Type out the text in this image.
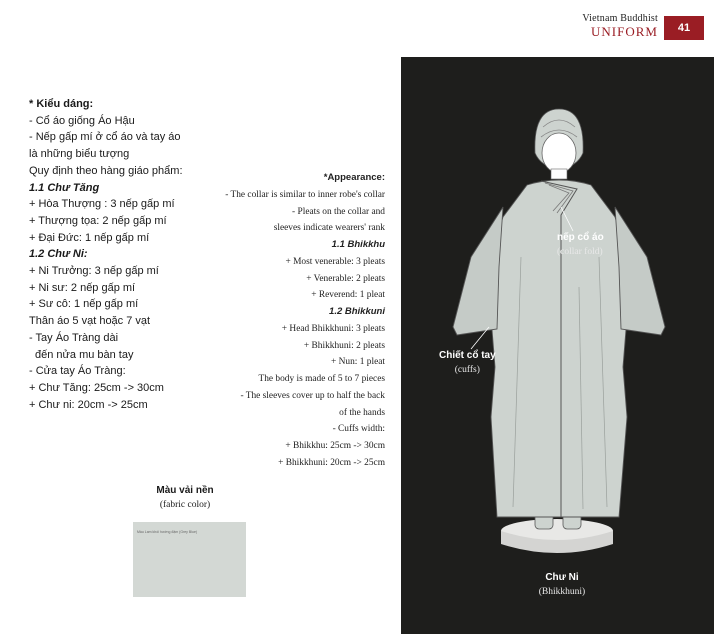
Vietnam Buddhist
UNIFORM	41

* Kiểu dáng:

- Cổ áo giống Áo Hậu

- Nếp gấp mí ở cổ áo và tay áo

là những biểu tượng

Quy định theo hàng giáo phẩm:

1.1 Chư Tăng

+ Hòa Thượng : 3 nếp gấp mí

+ Thượng tọa: 2 nếp gấp mí

+ Đại Đức: 1 nếp gấp mí

1.2 Chư Ni:

+ Ni Trưởng: 3 nếp gấp mí

+ Ni sư: 2 nếp gấp mí

+ Sư cô: 1 nếp gấp mí

Thân áo 5 vạt hoặc 7 vạt

- Tay Áo Tràng dài

đến nửa mu bàn tay

- Cửa tay Áo Tràng:

+ Chư Tăng: 25cm -> 30cm

+ Chư ni: 20cm -> 25cm

*Appearance:

- The collar is similar to inner robe's collar

- Pleats on the collar and

sleeves indicate wearers' rank

1.1 Bhikkhu

+ Most venerable: 3 pleats

+ Venerable: 2 pleats

+ Reverend: 1 pleat

1.2 Bhikkuni

+ Head Bhikkhuni: 3 pleats

+ Bhikkhuni: 2 pleats

+ Nun: 1 pleat

The body is made of 5 to 7 pieces

- The sleeves cover up to half the back

of the hands

- Cuffs width:

+ Bhikkhu: 25cm -> 30cm

+ Bhikkhuni: 20cm -> 25cm

Màu vải nền
(fabric color)
Màu Lam khói hướng đậm (Grey Blue)
nếp cổ áo
(collar fold)
Chiết cổ tay
(cuffs)
Chư Ni
(Bhikkhuni)
